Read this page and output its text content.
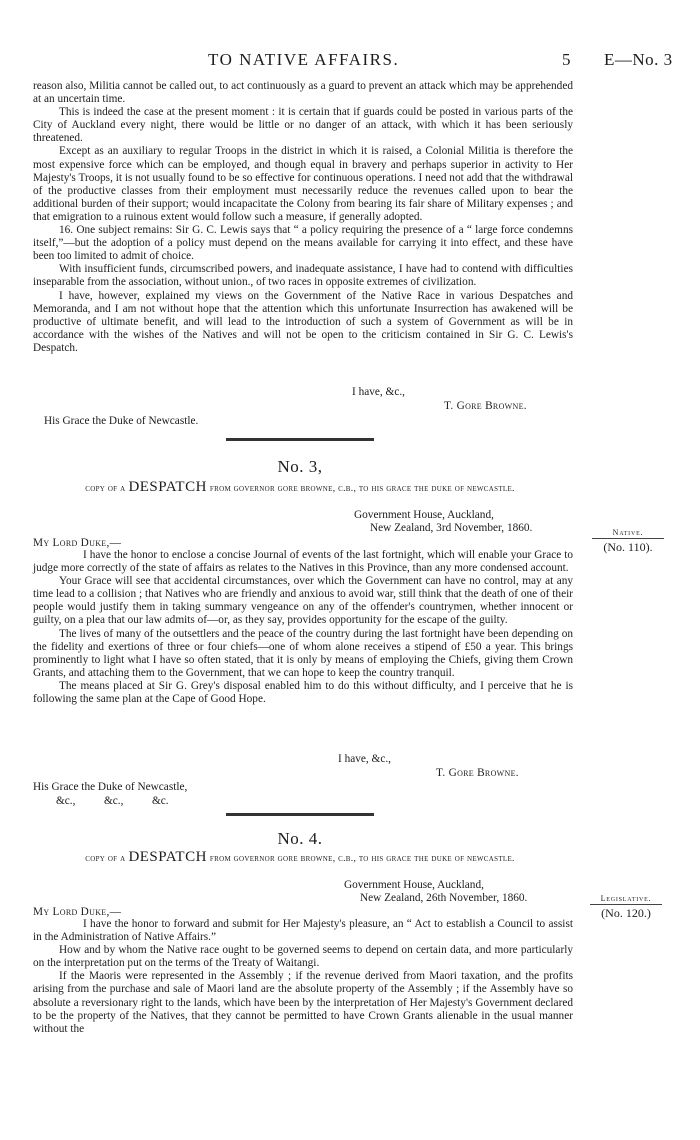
TO NATIVE AFFAIRS.	5 E—No. 3
reason also, Militia cannot be called out, to act continuously as a guard to prevent an attack which may be apprehended at an uncertain time.
This is indeed the case at the present moment : it is certain that if guards could be posted in various parts of the City of Auckland every night, there would be little or no danger of an attack, with which it has been seriously threatened.
Except as an auxiliary to regular Troops in the district in which it is raised, a Colonial Militia is therefore the most expensive force which can be employed, and though equal in bravery and perhaps superior in activity to Her Majesty's Troops, it is not usually found to be so effective for continuous operations. I need not add that the withdrawal of the productive classes from their employment must necessarily reduce the revenues called upon to bear the additional burden of their support; would incapacitate the Colony from bearing its fair share of Military expenses ; and that emigration to a ruinous extent would follow such a measure, if generally adopted.
16. One subject remains: Sir G. C. Lewis says that “ a policy requiring the presence of a “ large force condemns itself,”—but the adoption of a policy must depend on the means available for carrying it into effect, and these have been too limited to admit of choice.
With insufficient funds, circumscribed powers, and inadequate assistance, I have had to contend with difficulties inseparable from the association, without union., of two races in opposite extremes of civilization.
I have, however, explained my views on the Government of the Native Race in various Despatches and Memoranda, and I am not without hope that the attention which this unfortunate Insurrection has awakened will be productive of ultimate benefit, and will lead to the introduction of such a system of Government as will be in accordance with the wishes of the Natives and will not be open to the criticism contained in Sir G. C. Lewis's Despatch.
I have, &c.,
T. Gore Browne.
His Grace the Duke of Newcastle.
No. 3,
copy of a DESPATCH from governor gore browne, c.b., to his grace the duke of newcastle.
Government House, Auckland,
New Zealand, 3rd November, 1860.	Native.
(No. 110).
My Lord Duke,—
I have the honor to enclose a concise Journal of events of the last fortnight, which will enable your Grace to judge more correctly of the state of affairs as relates to the Natives in this Province, than any more condensed account.
Your Grace will see that accidental circumstances, over which the Government can have no control, may at any time lead to a collision ; that Natives who are friendly and anxious to avoid war, still think that the death of one of their people would justify them in taking summary vengeance on any of the offender's countrymen, whether innocent or guilty, on a plea that our law admits of—or, as they say, provides opportunity for the escape of the guilty.
The lives of many of the outsettlers and the peace of the country during the last fortnight have been depending on the fidelity and exertions of three or four chiefs—one of whom alone receives a stipend of £50 a year. This brings prominently to light what I have so often stated, that it is only by means of employing the Chiefs, giving them Crown Grants, and attaching them to the Government, that we can hope to keep the country tranquil.
The means placed at Sir G. Grey's disposal enabled him to do this without difficulty, and I perceive that he is following the same plan at the Cape of Good Hope.
I have, &c.,
T. Gore Browne.
His Grace the Duke of Newcastle,
&c.,	&c.,	&c.
No. 4.
copy of a DESPATCH from governor gore browne, c.b., to his grace the duke of newcastle.
Government House, Auckland,
New Zealand, 26th November, 1860.	Legislative.
(No. 120.)
My Lord Duke,—
I have the honor to forward and submit for Her Majesty's pleasure, an “ Act to establish a Council to assist in the Administration of Native Affairs.”
How and by whom the Native race ought to be governed seems to depend on certain data, and more particularly on the interpretation put on the terms of the Treaty of Waitangi.
If the Maoris were represented in the Assembly ; if the revenue derived from Maori taxation, and the profits arising from the purchase and sale of Maori land are the absolute property of the Assembly ; if the Assembly have so absolute a reversionary right to the lands, which have been by the interpretation of Her Majesty's Government declared to be the property of the Natives, that they cannot be permitted to have Crown Grants alienable in the usual manner without the
